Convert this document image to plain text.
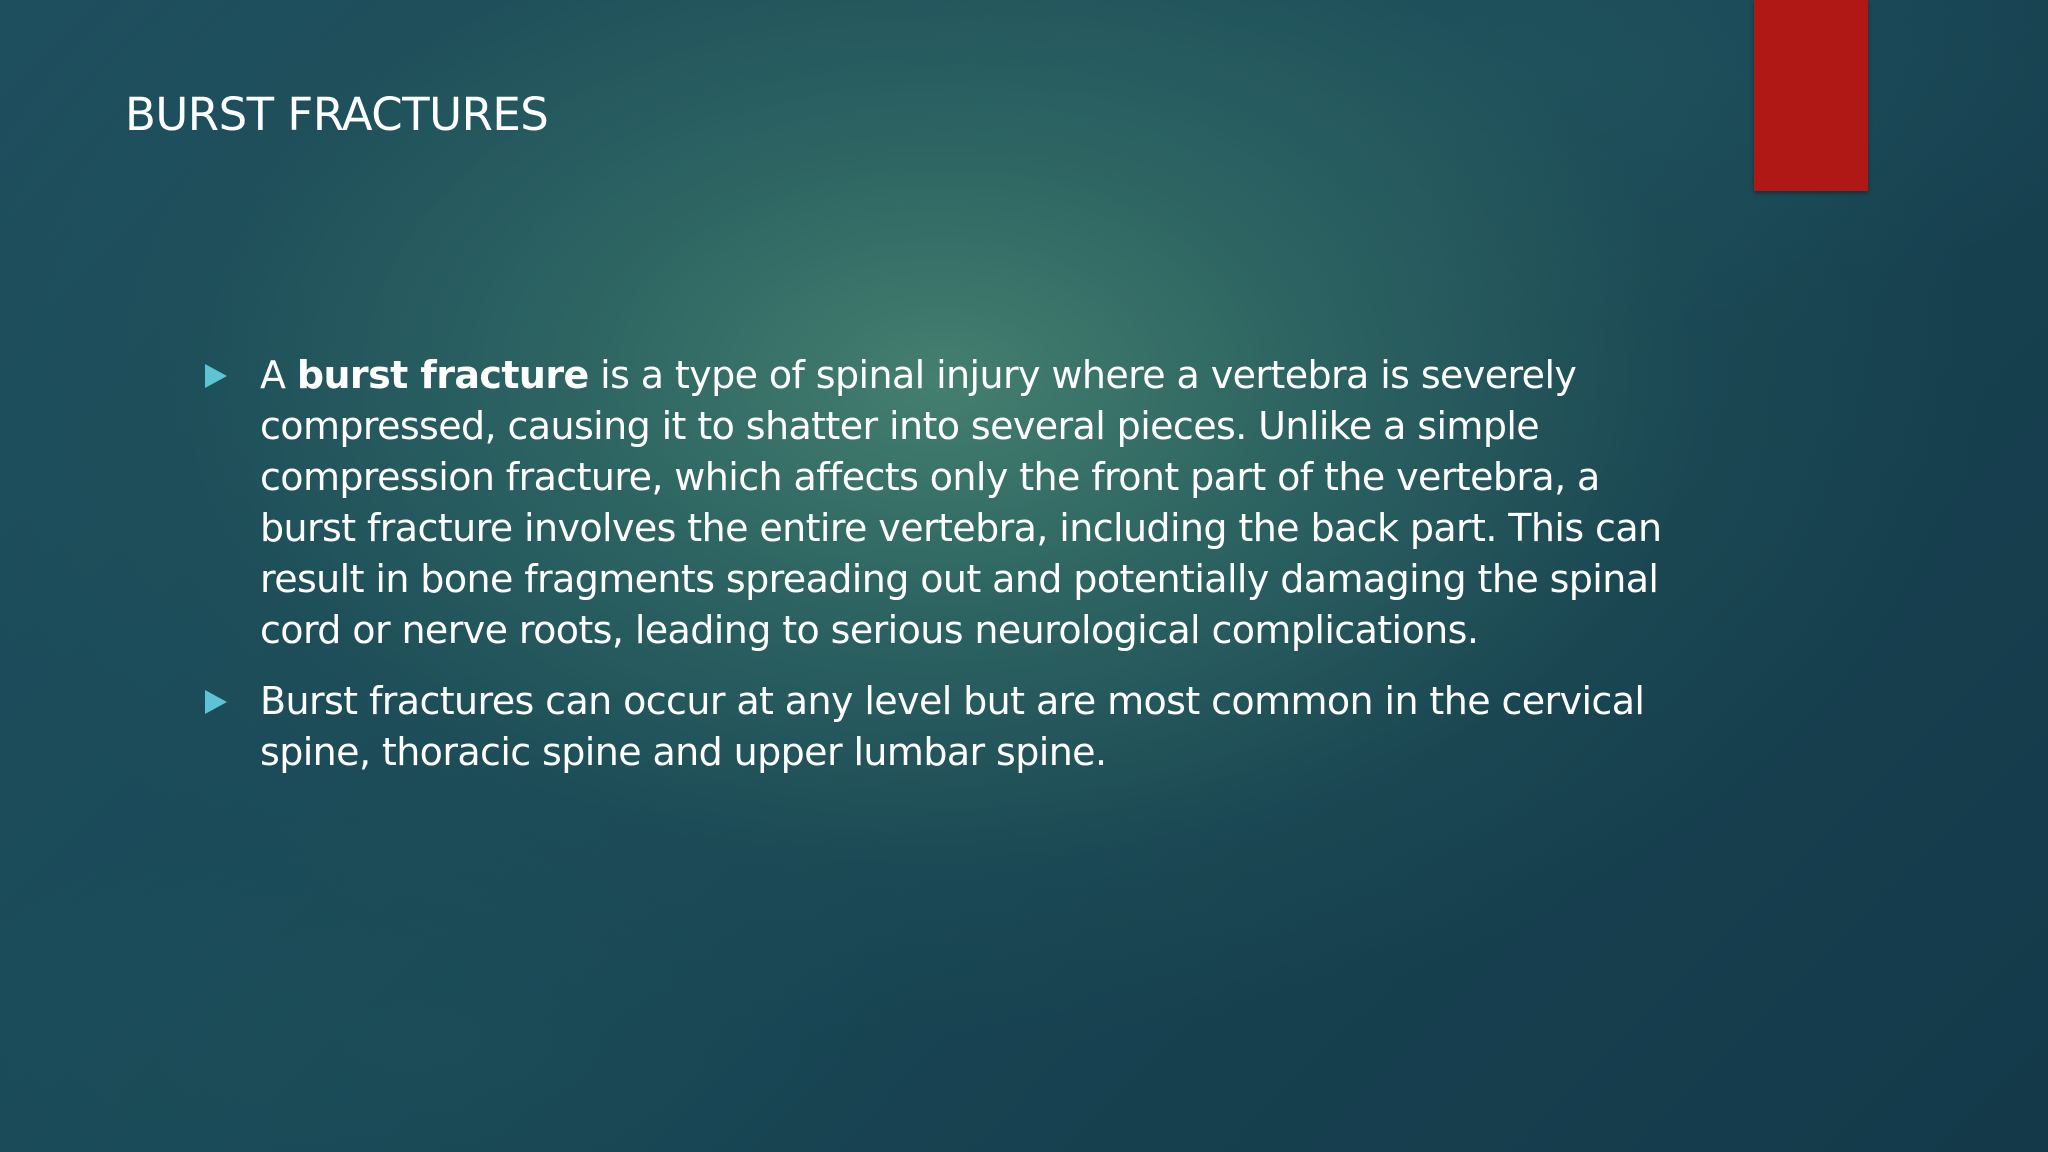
BURST FRACTURES
A burst fracture is a type of spinal injury where a vertebra is severely compressed, causing it to shatter into several pieces. Unlike a simple compression fracture, which affects only the front part of the vertebra, a burst fracture involves the entire vertebra, including the back part. This can result in bone fragments spreading out and potentially damaging the spinal cord or nerve roots, leading to serious neurological complications.
Burst fractures can occur at any level but are most common in the cervical spine, thoracic spine and upper lumbar spine.
